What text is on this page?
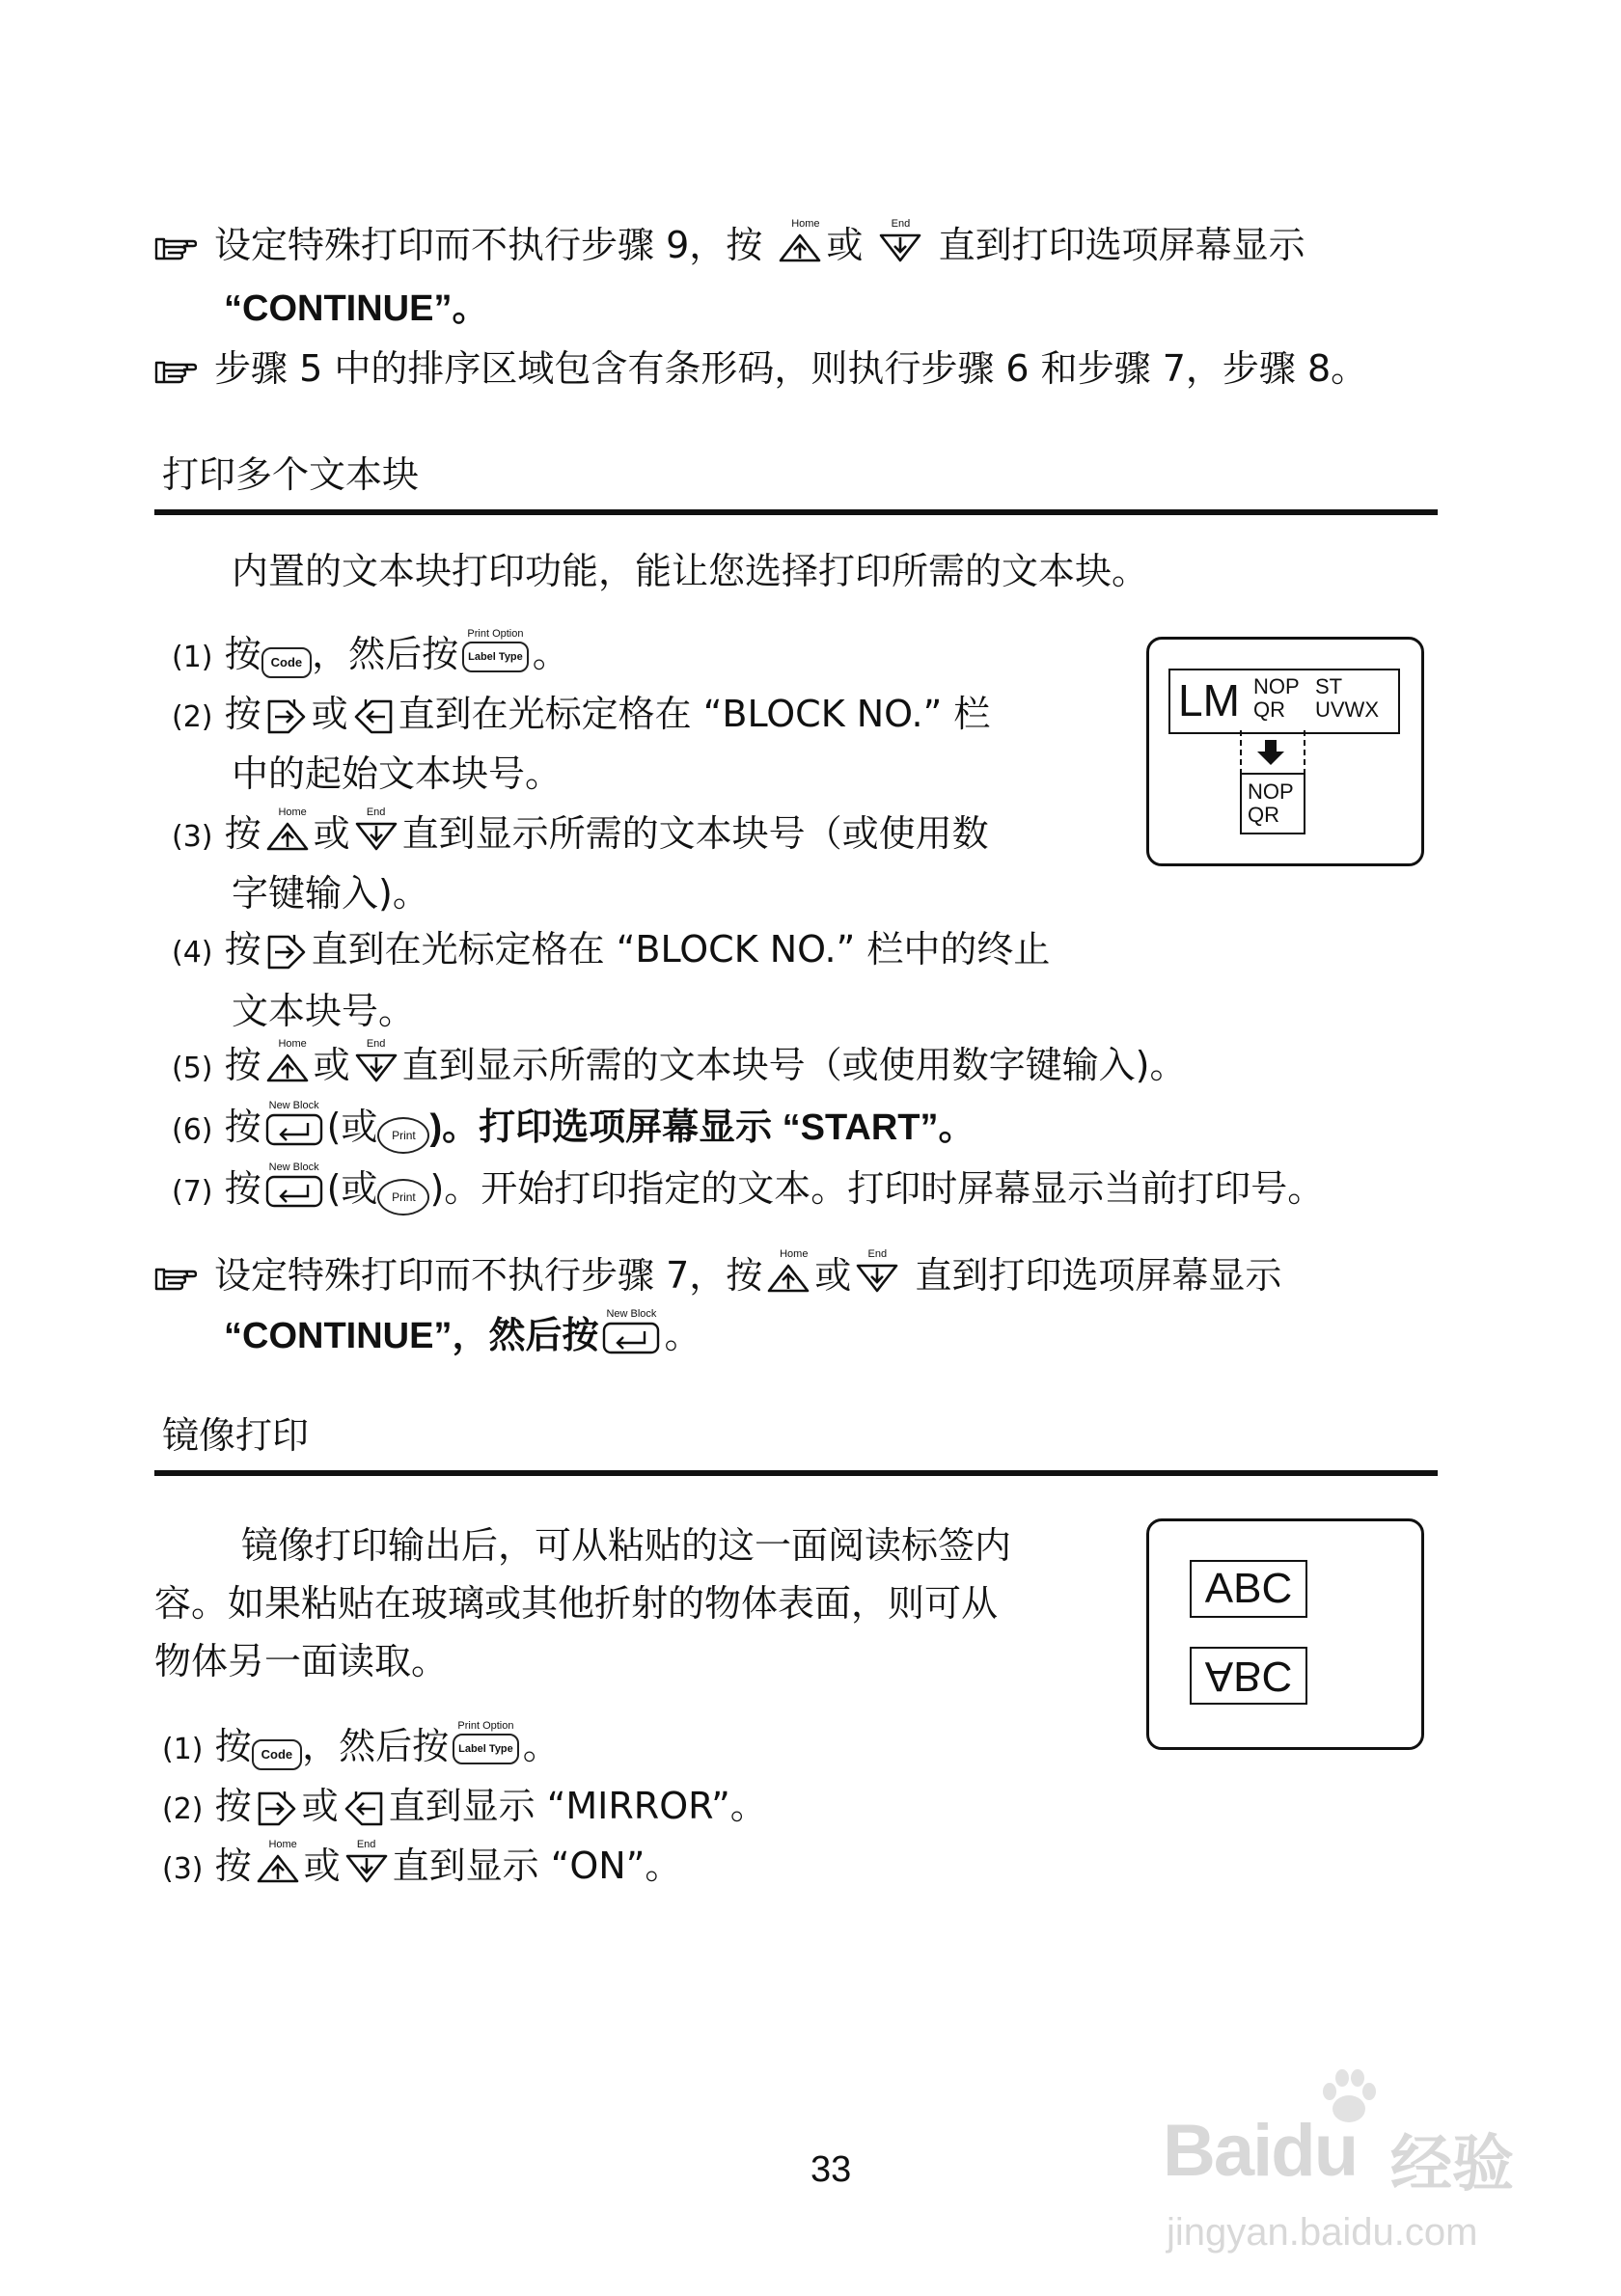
设定特殊打印而不执行步骤 9，按
Home
或
End
直到打印选项屏幕显示
“CONTINUE”。
步骤 5 中的排序区域包含有条形码，则执行步骤 6 和步骤 7，步骤 8。
打印多个文本块
内置的文本块打印功能，能让您选择打印所需的文本块。
(1) 按 Code ，然后按 Print Option
Label Type 。
(2) 按 或 直到在光标定格在 “BLOCK NO.” 栏
中的起始文本块号。
(3) 按
Home
或
End
直到显示所需的文本块号（或使用数
字键输入)。
(4) 按 直到在光标定格在 “BLOCK NO.” 栏中的终止
文本块号。
(5) 按
Home
或
End
直到显示所需的文本块号（或使用数字键输入)。
(6) 按
New Block
(或 Print )。打印选项屏幕显示 “START”。
(7) 按
New Block
(或 Print )。开始打印指定的文本。打印时屏幕显示当前打印号。
LM NOP
QR
ST
UVWX
NOP
QR
设定特殊打印而不执行步骤 7，按
Home
或
End
直到打印选项屏幕显示
“CONTINUE”，然后按
New Block
。
镜像打印
镜像打印输出后，可从粘贴的这一面阅读标签内
容。如果粘贴在玻璃或其他折射的物体表面，则可从
物体另一面读取。
(1) 按 Code ，然后按 Print Option
Label Type 。
(2) 按 或 直到显示 “MIRROR”。
(3) 按
Home
或
End
直到显示 “ON”。
ABC
ABC
33	Baidu 经验
jingyan.baidu.com
